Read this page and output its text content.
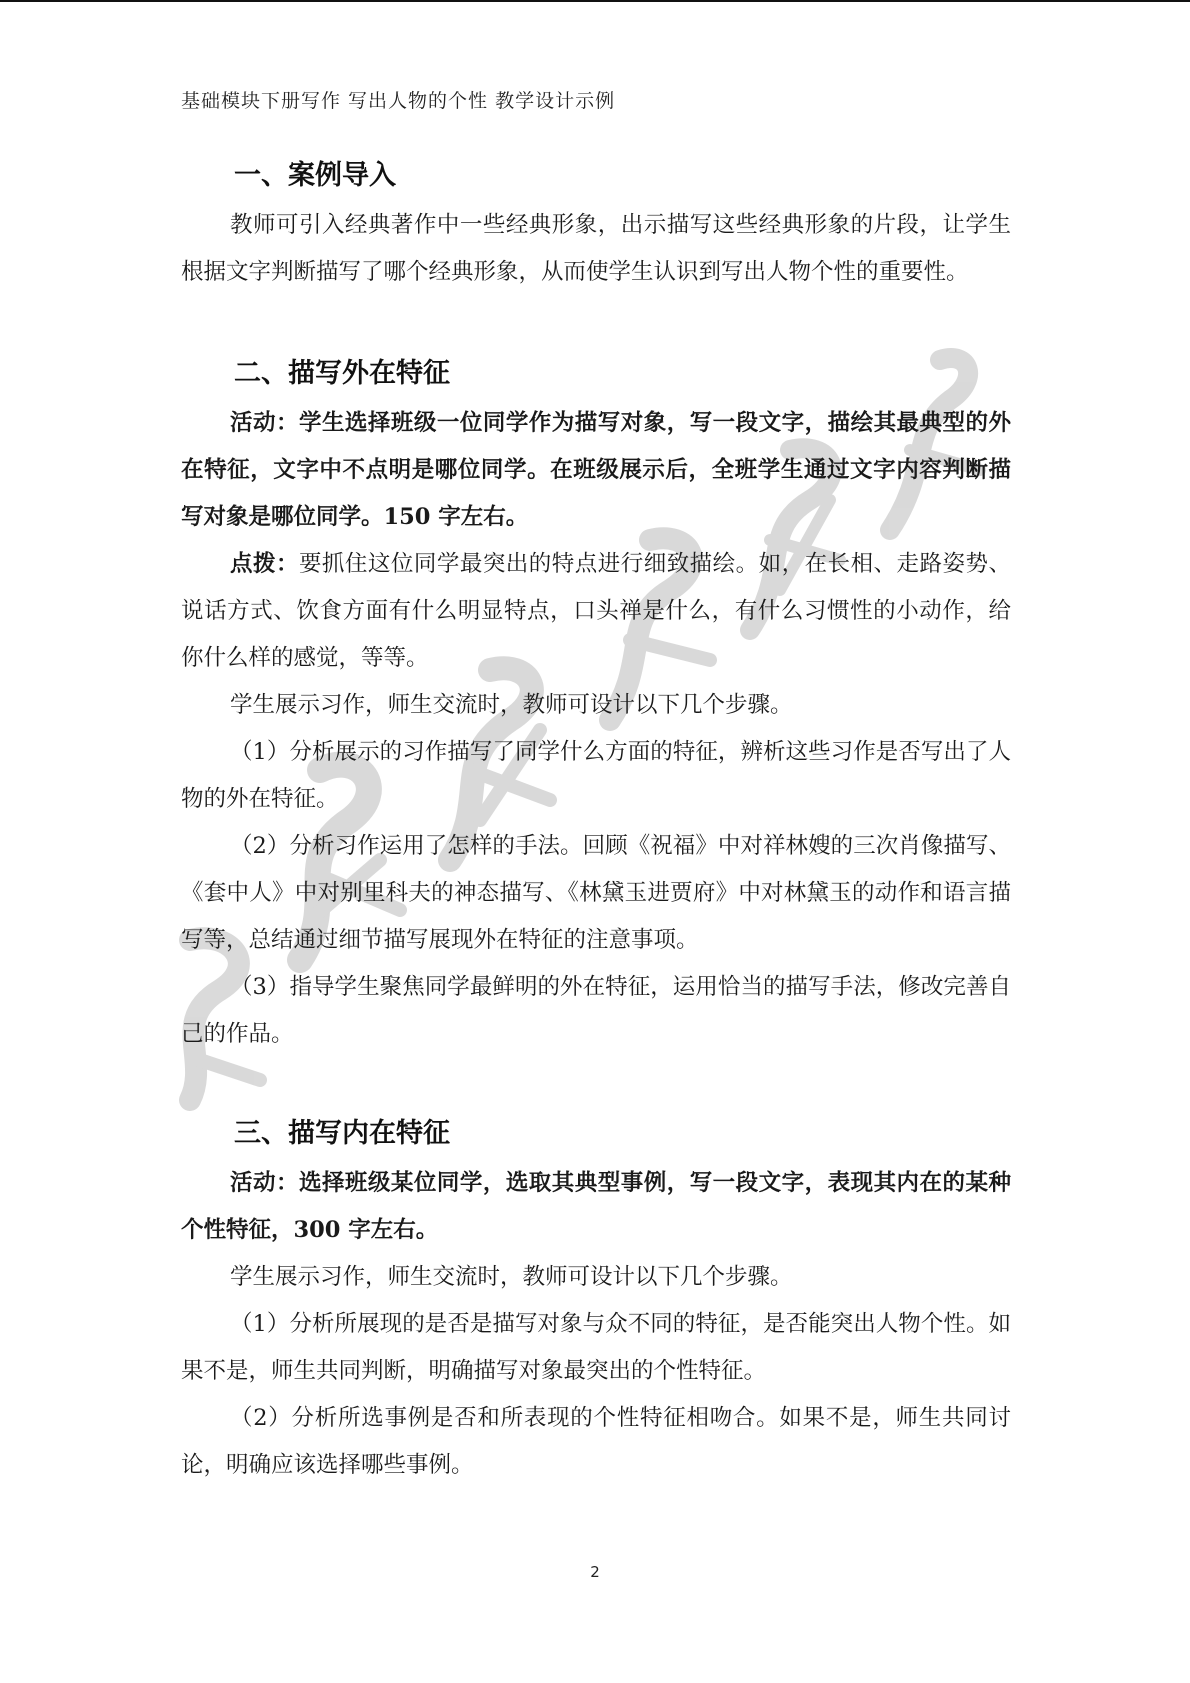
基础模块下册写作 写出人物的个性 教学设计示例
一、案例导入

教师可引入经典著作中一些经典形象，出示描写这些经典形象的片段，让学生根据文字判断描写了哪个经典形象，从而使学生认识到写出人物个性的重要性。

二、描写外在特征

活动：学生选择班级一位同学作为描写对象，写一段文字，描绘其最典型的外在特征，文字中不点明是哪位同学。在班级展示后，全班学生通过文字内容判断描写对象是哪位同学。150 字左右。

点拨：要抓住这位同学最突出的特点进行细致描绘。如，在长相、走路姿势、说话方式、饮食方面有什么明显特点，口头禅是什么，有什么习惯性的小动作，给你什么样的感觉，等等。

学生展示习作，师生交流时，教师可设计以下几个步骤。

（1）分析展示的习作描写了同学什么方面的特征，辨析这些习作是否写出了人物的外在特征。

（2）分析习作运用了怎样的手法。回顾《祝福》中对祥林嫂的三次肖像描写、《套中人》中对别里科夫的神态描写、《林黛玉进贾府》中对林黛玉的动作和语言描写等，总结通过细节描写展现外在特征的注意事项。

（3）指导学生聚焦同学最鲜明的外在特征，运用恰当的描写手法，修改完善自己的作品。

三、描写内在特征

活动：选择班级某位同学，选取其典型事例，写一段文字，表现其内在的某种个性特征，300 字左右。

学生展示习作，师生交流时，教师可设计以下几个步骤。

（1）分析所展现的是否是描写对象与众不同的特征，是否能突出人物个性。如果不是，师生共同判断，明确描写对象最突出的个性特征。

（2）分析所选事例是否和所表现的个性特征相吻合。如果不是，师生共同讨论，明确应该选择哪些事例。

2
